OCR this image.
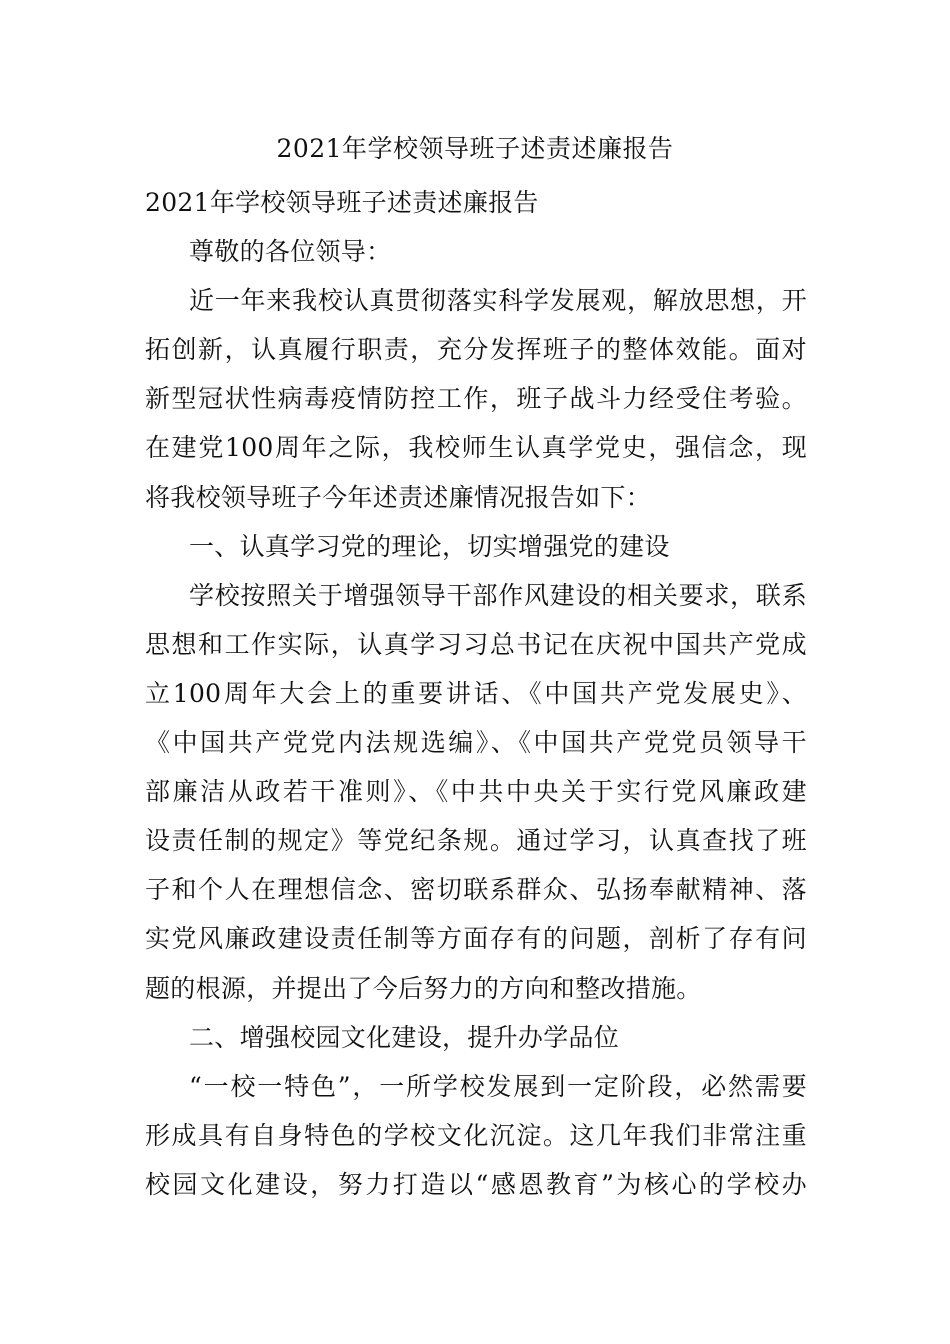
2021年学校领导班子述责述廉报告
2021年学校领导班子述责述廉报告
尊敬的各位领导：
近一年来我校认真贯彻落实科学发展观，解放思想，开
拓创新，认真履行职责，充分发挥班子的整体效能。面对
新型冠状性病毒疫情防控工作，班子战斗力经受住考验。
在建党100周年之际，我校师生认真学党史，强信念，现
将我校领导班子今年述责述廉情况报告如下：
一、认真学习党的理论，切实增强党的建设
学校按照关于增强领导干部作风建设的相关要求，联系
思想和工作实际，认真学习习总书记在庆祝中国共产党成
立100周年大会上的重要讲话、《中国共产党发展史》、
《中国共产党党内法规选编》、《中国共产党党员领导干
部廉洁从政若干准则》、《中共中央关于实行党风廉政建
设责任制的规定》等党纪条规。通过学习，认真查找了班
子和个人在理想信念、密切联系群众、弘扬奉献精神、落
实党风廉政建设责任制等方面存有的问题，剖析了存有问
题的根源，并提出了今后努力的方向和整改措施。
二、增强校园文化建设，提升办学品位
“一校一特色”，一所学校发展到一定阶段，必然需要
形成具有自身特色的学校文化沉淀。这几年我们非常注重
校园文化建设，努力打造以“感恩教育”为核心的学校办
